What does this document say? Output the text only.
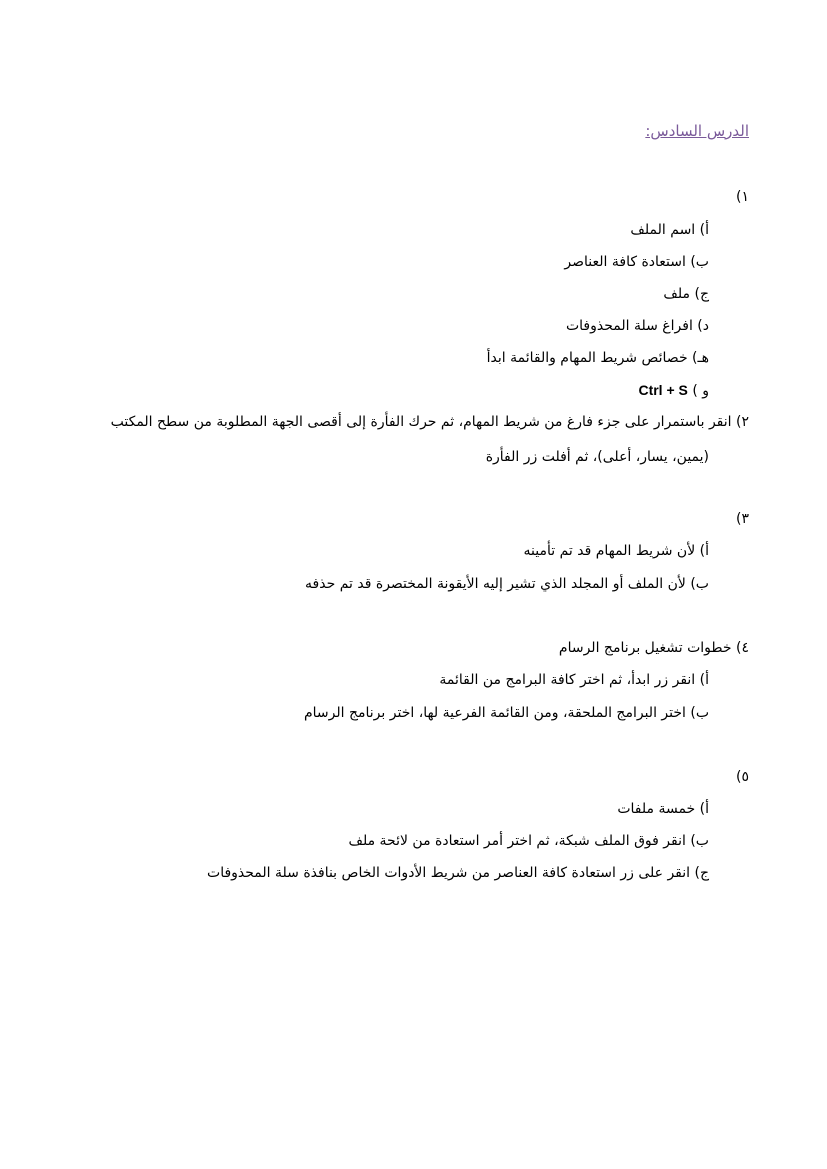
الدرس السادس:
١)
أ) اسم الملف
ب) استعادة كافة العناصر
ج) ملف
د) افراغ سلة المحذوفات
هـ) خصائص شريط المهام والقائمة ابدأ
و ) Ctrl + S
٢) انقر باستمرار على جزء فارغ من شريط المهام، ثم حرك الفأرة إلى أقصى الجهة المطلوبة من سطح المكتب
(يمين، يسار، أعلى)، ثم أفلت زر الفأرة
٣)
أ) لأن شريط المهام قد تم تأمينه
ب) لأن الملف أو المجلد الذي تشير إليه الأيقونة المختصرة قد تم حذفه
٤) خطوات تشغيل برنامج الرسام
أ) انقر زر ابدأ، ثم اختر كافة البرامج من القائمة
ب) اختر البرامج الملحقة، ومن القائمة الفرعية لها، اختر برنامج الرسام
٥)
أ) خمسة ملفات
ب) انقر فوق الملف شبكة، ثم اختر أمر استعادة من لائحة ملف
ج) انقر على زر استعادة كافة العناصر من شريط الأدوات الخاص بنافذة سلة المحذوفات
